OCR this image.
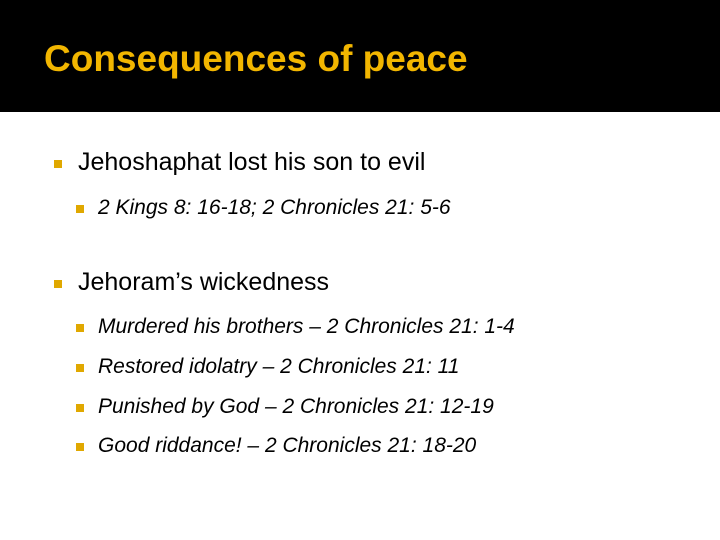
Consequences of peace
Jehoshaphat lost his son to evil
2 Kings 8: 16-18; 2 Chronicles 21: 5-6
Jehoram’s wickedness
Murdered his brothers – 2 Chronicles 21: 1-4
Restored idolatry – 2 Chronicles 21: 11
Punished by God – 2 Chronicles 21: 12-19
Good riddance! – 2 Chronicles 21: 18-20
